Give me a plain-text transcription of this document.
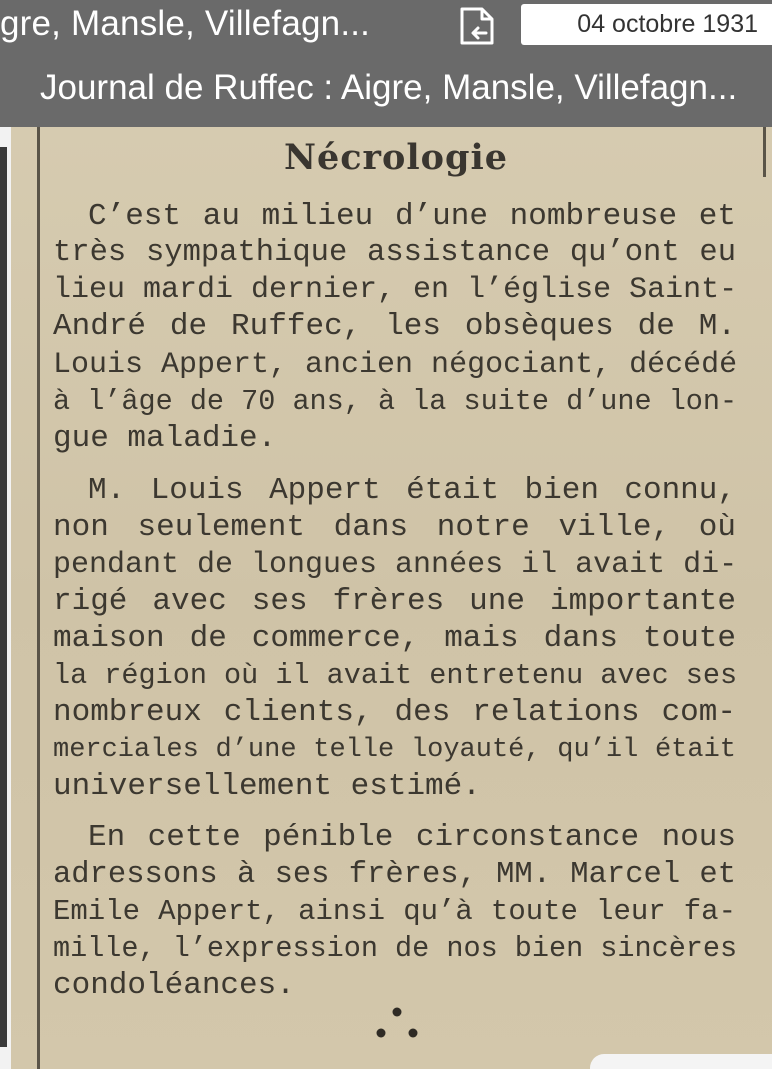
gre, Mansle, Villefagn...	04 octobre 1931
Journal de Ruffec : Aigre, Mansle, Villefagn...
Nécrologie
C’est au milieu d’une nombreuse et
très sympathique assistance qu’ont eu
lieu mardi dernier, en l’église Saint-
André de Ruffec, les obsèques de M.
Louis Appert, ancien négociant, décédé
à l’âge de 70 ans, à la suite d’une lon-
gue maladie.
M. Louis Appert était bien connu,
non seulement dans notre ville, où
pendant de longues années il avait di-
rigé avec ses frères une importante
maison de commerce, mais dans toute
la région où il avait entretenu avec ses
nombreux clients, des relations com-
merciales d’une telle loyauté, qu’il était
universellement estimé.
En cette pénible circonstance nous
adressons à ses frères, MM. Marcel et
Emile Appert, ainsi qu’à toute leur fa-
mille, l’expression de nos bien sincères
condoléances.
